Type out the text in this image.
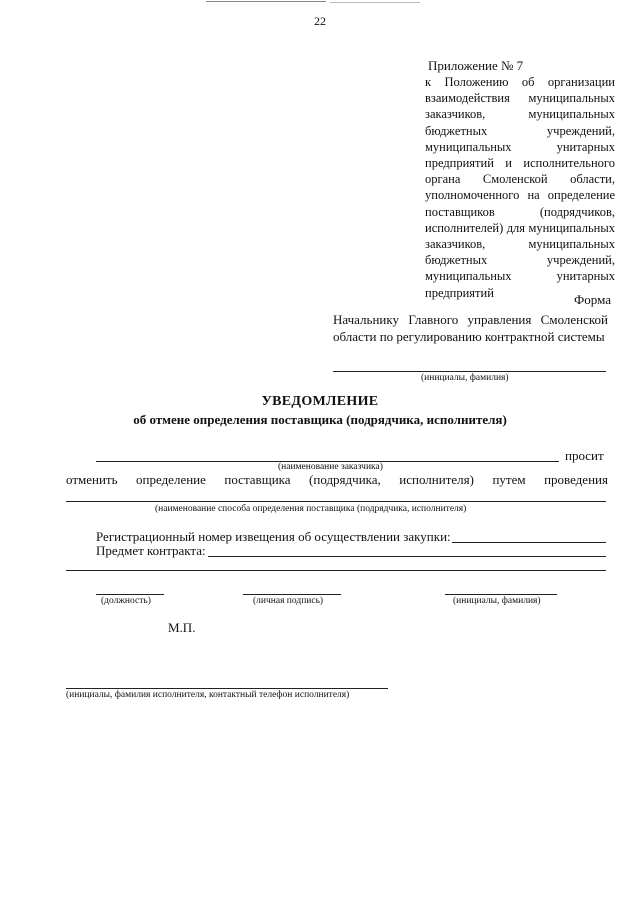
22
Приложение № 7
к Положению об организации взаимодействия муниципальных заказчиков, муниципальных бюджетных учреждений, муниципальных унитарных предприятий и исполнительного органа Смоленской области, уполномоченного на определение поставщиков (подрядчиков, исполнителей) для муниципальных заказчиков, муниципальных бюджетных учреждений, муниципальных унитарных предприятий	Форма
Начальнику Главного управления Смоленской области по регулированию контрактной системы
(инициалы, фамилия)
УВЕДОМЛЕНИЕ
об отмене определения поставщика (подрядчика, исполнителя)
просит
(наименование заказчика)
отменить определение поставщика (подрядчика, исполнителя) путем проведения
(наименование способа определения поставщика (подрядчика, исполнителя)
Регистрационный номер извещения об осуществлении закупки:
Предмет контракта:
(должность)	(личная подпись)	(инициалы, фамилия)
М.П.
(инициалы, фамилия исполнителя, контактный телефон исполнителя)
